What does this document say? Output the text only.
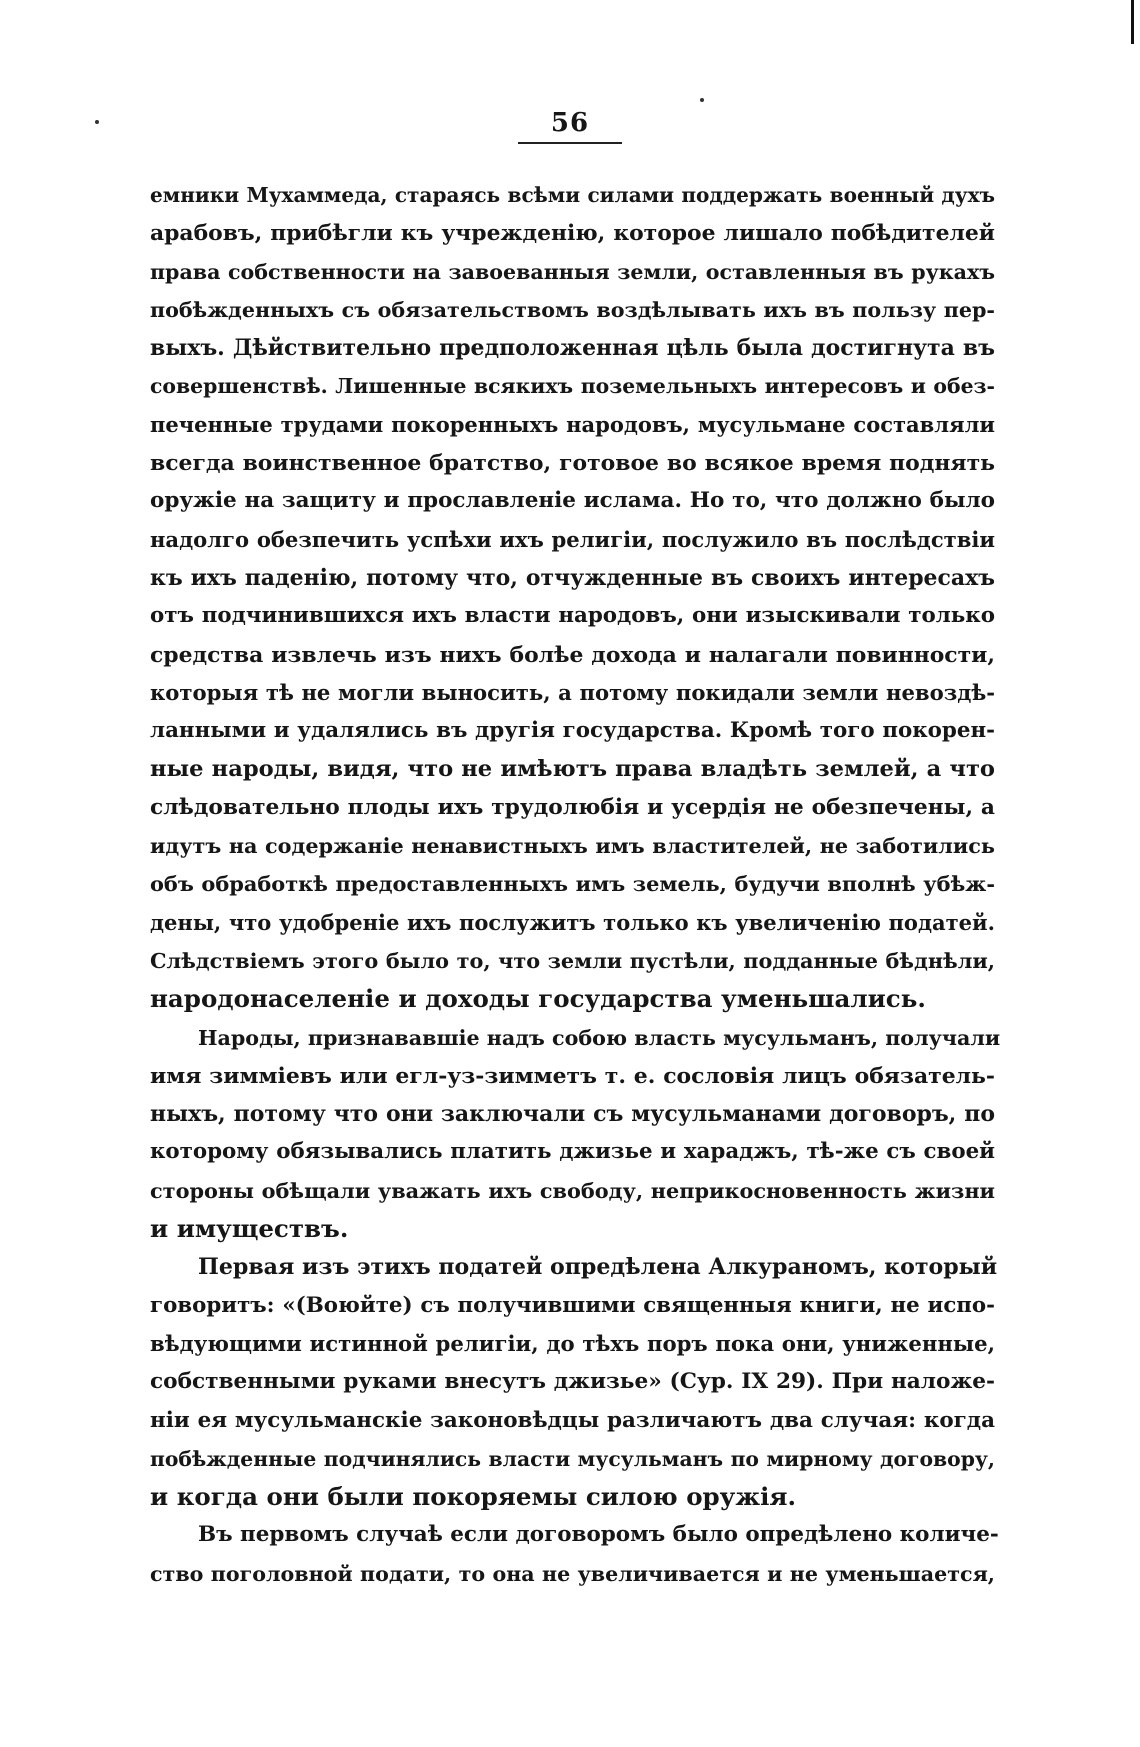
56

емники Мухаммеда, стараясь всѣми силами поддержать военный духъ
арабовъ, прибѣгли къ учрежденію, которое лишало побѣдителей
права собственности на завоеванныя земли, оставленныя въ рукахъ
побѣжденныхъ съ обязательствомъ воздѣлывать ихъ въ пользу пер-
выхъ. Дѣйствительно предположенная цѣль была достигнута въ
совершенствѣ. Лишенные всякихъ поземельныхъ интересовъ и обез-
печенные трудами покоренныхъ народовъ, мусульмане составляли
всегда воинственное братство, готовое во всякое время поднять
оружіе на защиту и прославленіе ислама. Но то, что должно было
надолго обезпечить успѣхи ихъ религіи, послужило въ послѣдствіи
къ ихъ паденію, потому что, отчужденные въ своихъ интересахъ
отъ подчинившихся ихъ власти народовъ, они изыскивали только
средства извлечь изъ нихъ болѣе дохода и налагали повинности,
которыя тѣ не могли выносить, а потому покидали земли невоздѣ-
ланными и удалялись въ другія государства. Кромѣ того покорен-
ные народы, видя, что не имѣютъ права владѣть землей, а что
слѣдовательно плоды ихъ трудолюбія и усердія не обезпечены, а
идутъ на содержаніе ненавистныхъ имъ властителей, не заботились
объ обработкѣ предоставленныхъ имъ земель, будучи вполнѣ убѣж-
дены, что удобреніе ихъ послужитъ только къ увеличенію податей.
Слѣдствіемъ этого было то, что земли пустѣли, подданные бѣднѣли,
народонаселеніе и доходы государства уменьшались.

Народы, признававшіе надъ собою власть мусульманъ, получали
имя зимміевъ или егл-уз-зимметъ т. е. сословія лицъ обязатель-
ныхъ, потому что они заключали съ мусульманами договоръ, по
которому обязывались платить джизье и хараджъ, тѣ-же съ своей
стороны обѣщали уважать ихъ свободу, неприкосновенность жизни
и имуществъ.

Первая изъ этихъ податей опредѣлена Алкураномъ, который
говоритъ: «(Воюйте) съ получившими священныя книги, не испо-
вѣдующими истинной религіи, до тѣхъ поръ пока они, униженные,
собственными руками внесутъ джизье» (Сур. IX 29). При наложе-
ніи ея мусульманскіе законовѣдцы различаютъ два случая: когда
побѣжденные подчинялись власти мусульманъ по мирному договору,
и когда они были покоряемы силою оружія.

Въ первомъ случаѣ если договоромъ было опредѣлено количе-
ство поголовной подати, то она не увеличивается и не уменьшается,
